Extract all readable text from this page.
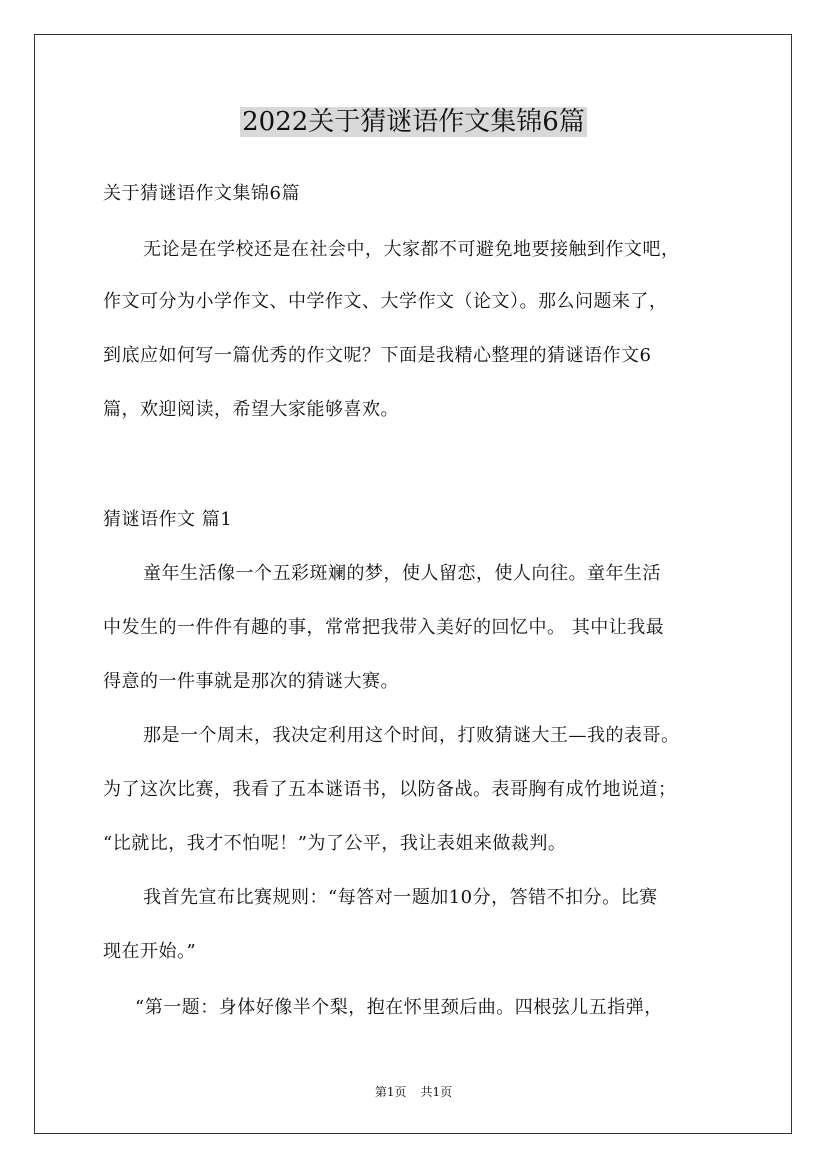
2022关于猜谜语作文集锦6篇
关于猜谜语作文集锦6篇
无论是在学校还是在社会中，大家都不可避免地要接触到作文吧，
作文可分为小学作文、中学作文、大学作文（论文）。那么问题来了，
到底应如何写一篇优秀的作文呢？下面是我精心整理的猜谜语作文6
篇，欢迎阅读，希望大家能够喜欢。
猜谜语作文 篇1
童年生活像一个五彩斑斓的梦，使人留恋，使人向往。童年生活
中发生的一件件有趣的事，常常把我带入美好的回忆中。 其中让我最
得意的一件事就是那次的猜谜大赛。
那是一个周末，我决定利用这个时间，打败猜谜大王—我的表哥。
为了这次比赛，我看了五本谜语书，以防备战。表哥胸有成竹地说道；
“比就比，我才不怕呢！”为了公平，我让表姐来做裁判。
我首先宣布比赛规则：“每答对一题加10分，答错不扣分。比赛
现在开始。”
“第一题：身体好像半个梨，抱在怀里颈后曲。四根弦儿五指弹，
第1页 共1页
